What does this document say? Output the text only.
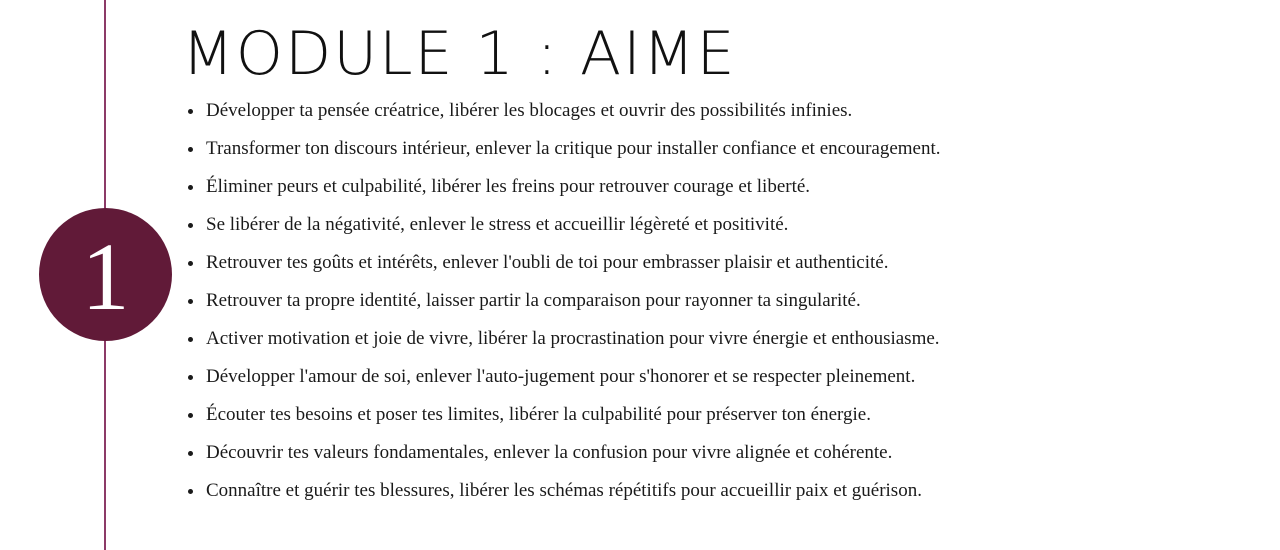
1
MODULE 1 : AIME
Développer ta pensée créatrice, libérer les blocages et ouvrir des possibilités infinies.
Transformer ton discours intérieur, enlever la critique pour installer confiance et encouragement.
Éliminer peurs et culpabilité, libérer les freins pour retrouver courage et liberté.
Se libérer de la négativité, enlever le stress et accueillir légèreté et positivité.
Retrouver tes goûts et intérêts, enlever l'oubli de toi pour embrasser plaisir et authenticité.
Retrouver ta propre identité, laisser partir la comparaison pour rayonner ta singularité.
Activer motivation et joie de vivre, libérer la procrastination pour vivre énergie et enthousiasme.
Développer l'amour de soi, enlever l'auto-jugement pour s'honorer et se respecter pleinement.
Écouter tes besoins et poser tes limites, libérer la culpabilité pour préserver ton énergie.
Découvrir tes valeurs fondamentales, enlever la confusion pour vivre alignée et cohérente.
Connaître et guérir tes blessures, libérer les schémas répétitifs pour accueillir paix et guérison.
